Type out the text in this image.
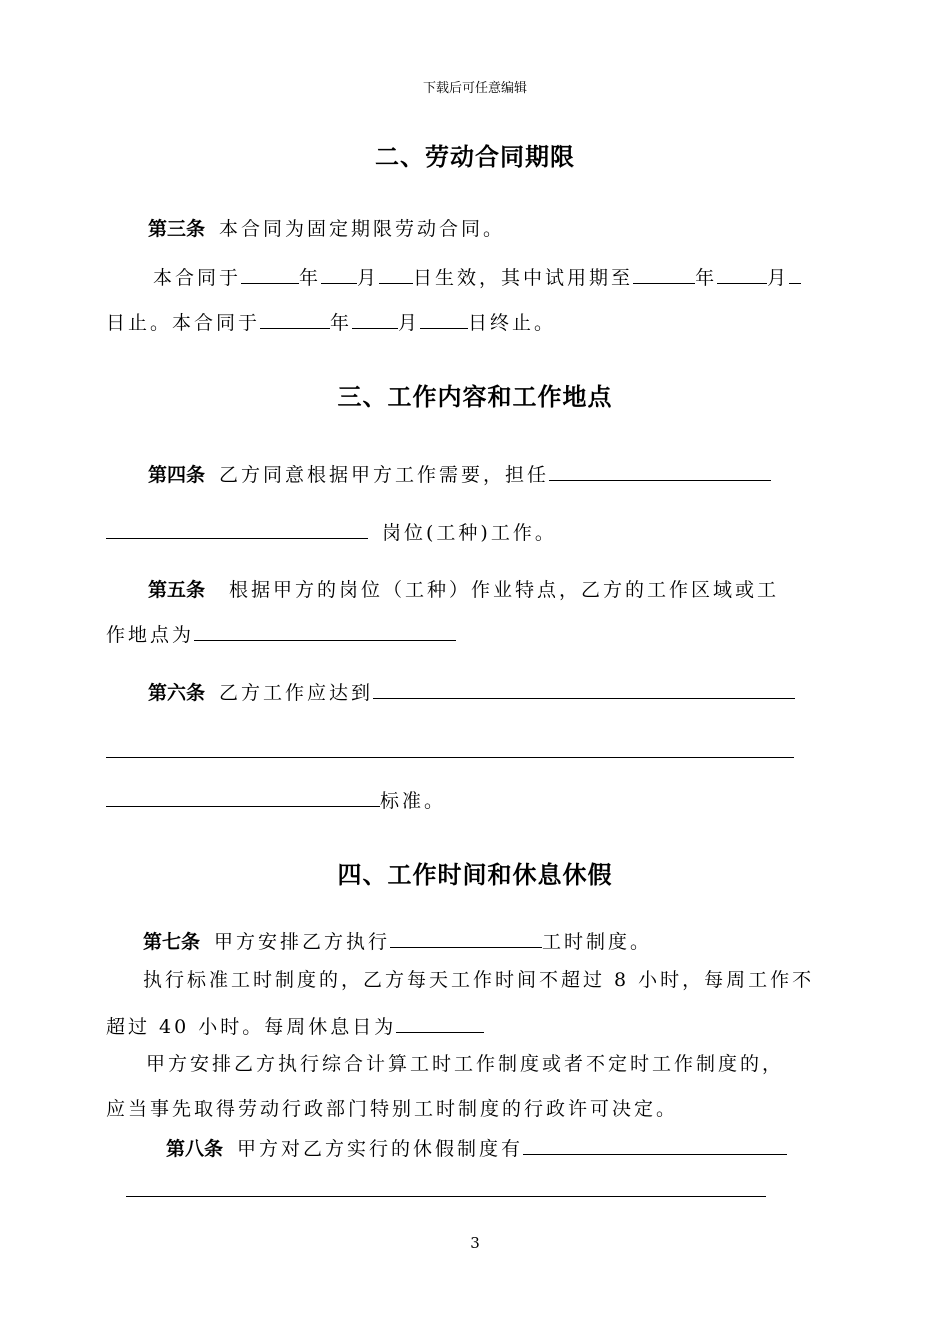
下载后可任意编辑
二、劳动合同期限
第三条 本合同为固定期限劳动合同。
本合同于	年 月 日生效，其中试用期至	年	月
日止。本合同于	年 月	日终止。
三、工作内容和工作地点
第四条 乙方同意根据甲方工作需要，担任
岗位(工种)工作。
第五条 根据甲方的岗位（工种）作业特点，乙方的工作区域或工
作地点为
第六条 乙方工作应达到
标准。
四、工作时间和休息休假
第七条 甲方安排乙方执行	工时制度。
执行标准工时制度的，乙方每天工作时间不超过 8 小时，每周工作不
超过 40 小时。每周休息日为
甲方安排乙方执行综合计算工时工作制度或者不定时工作制度的，
应当事先取得劳动行政部门特别工时制度的行政许可决定。
第八条 甲方对乙方实行的休假制度有
3
